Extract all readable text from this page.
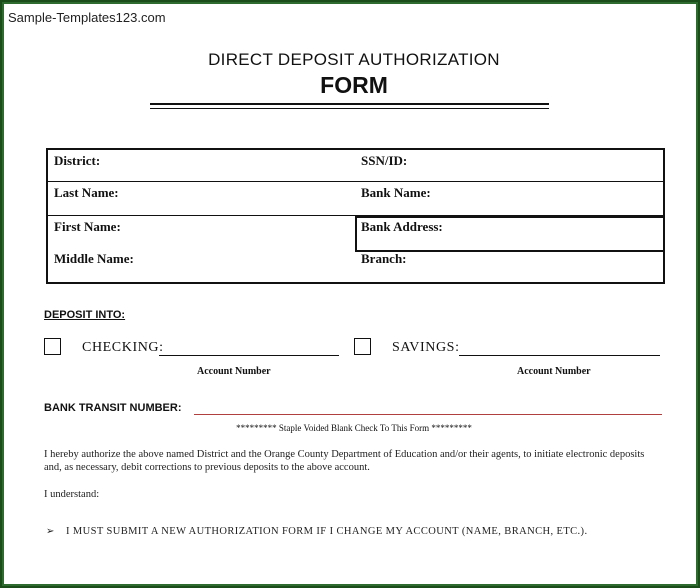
Sample-Templates123.com
DIRECT DEPOSIT AUTHORIZATION
FORM
District:	SSN/ID:
Last Name:	Bank Name:
First Name:	Bank Address:
Middle Name:	Branch:
DEPOSIT INTO:
CHECKING:
Account Number
SAVINGS:
Account Number
BANK TRANSIT NUMBER:
********* Staple Voided Blank Check To This Form *********
I hereby authorize the above named District and the Orange County Department of Education and/or their agents, to initiate electronic deposits and, as necessary, debit corrections to previous deposits to the above account.
I understand:
➢ I MUST SUBMIT A NEW AUTHORIZATION FORM IF I CHANGE MY ACCOUNT (NAME, BRANCH, ETC.).
